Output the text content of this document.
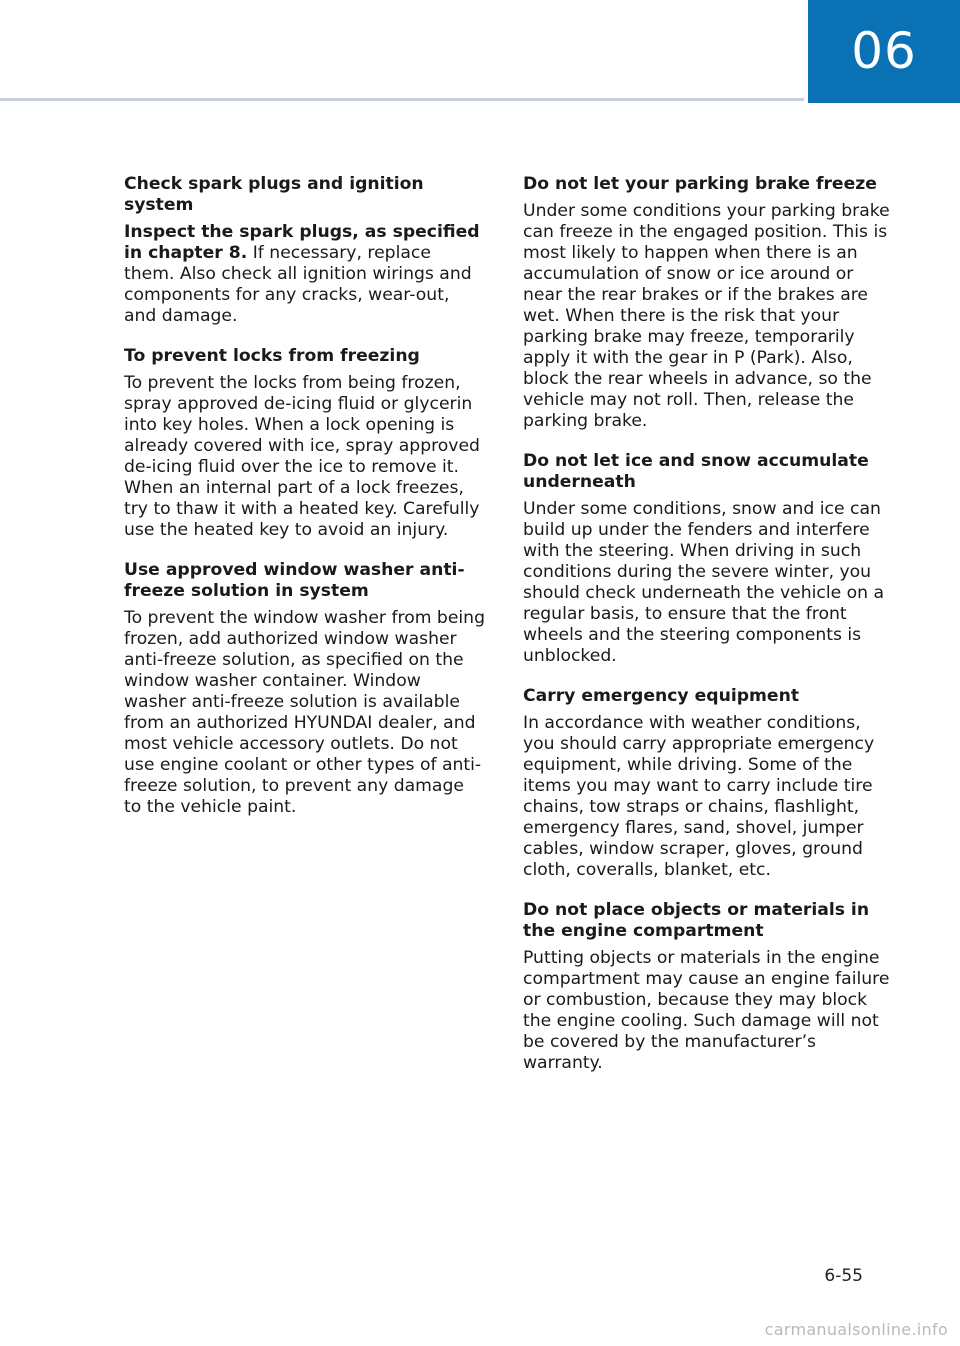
06

Check spark plugs and ignition system

Inspect the spark plugs, as specified in chapter 8. If necessary, replace them. Also check all ignition wirings and components for any cracks, wear-out, and damage.

To prevent locks from freezing

To prevent the locks from being frozen, spray approved de-icing fluid or glycerin into key holes. When a lock opening is already covered with ice, spray approved de-icing fluid over the ice to remove it. When an internal part of a lock freezes, try to thaw it with a heated key. Carefully use the heated key to avoid an injury.

Use approved window washer anti-freeze solution in system

To prevent the window washer from being frozen, add authorized window washer anti-freeze solution, as specified on the window washer container. Window washer anti-freeze solution is available from an authorized HYUNDAI dealer, and most vehicle accessory outlets. Do not use engine coolant or other types of anti-freeze solution, to prevent any damage to the vehicle paint.

Do not let your parking brake freeze

Under some conditions your parking brake can freeze in the engaged position. This is most likely to happen when there is an accumulation of snow or ice around or near the rear brakes or if the brakes are wet. When there is the risk that your parking brake may freeze, temporarily apply it with the gear in P (Park). Also, block the rear wheels in advance, so the vehicle may not roll. Then, release the parking brake.

Do not let ice and snow accumulate underneath

Under some conditions, snow and ice can build up under the fenders and interfere with the steering. When driving in such conditions during the severe winter, you should check underneath the vehicle on a regular basis, to ensure that the front wheels and the steering components is unblocked.

Carry emergency equipment

In accordance with weather conditions, you should carry appropriate emergency equipment, while driving. Some of the items you may want to carry include tire chains, tow straps or chains, flashlight, emergency flares, sand, shovel, jumper cables, window scraper, gloves, ground cloth, coveralls, blanket, etc.

Do not place objects or materials in the engine compartment

Putting objects or materials in the engine compartment may cause an engine failure or combustion, because they may block the engine cooling. Such damage will not be covered by the manufacturer’s warranty.

6-55
carmanualsonline.info
